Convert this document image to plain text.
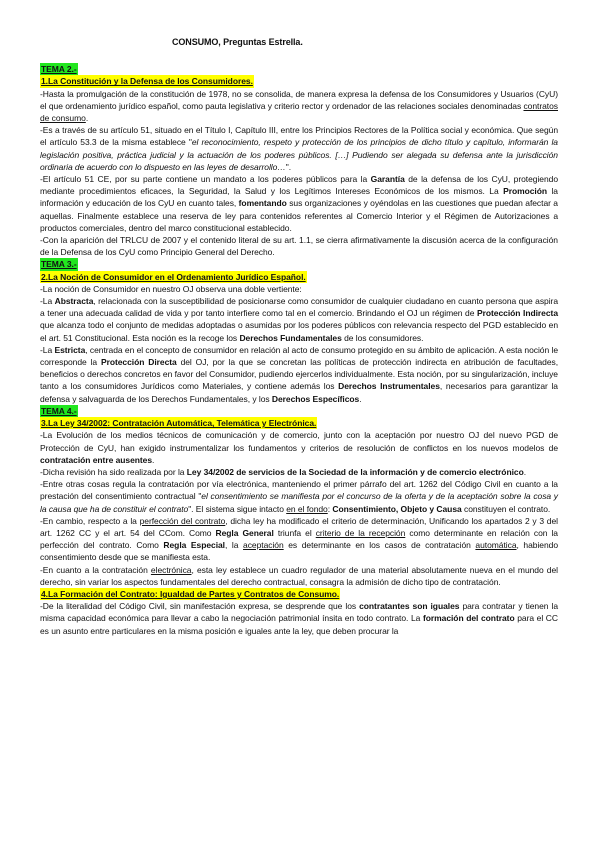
CONSUMO, Preguntas Estrella.
TEMA 2.-
1.La Constitución y la Defensa de los Consumidores.

-Hasta la promulgación de la constitución de 1978, no se consolida, de manera expresa la defensa de los Consumidores y Usuarios (CyU) el que ordenamiento jurídico español, como pauta legislativa y criterio rector y ordenador de las relaciones sociales denominadas contratos de consumo.

-Es a través de su artículo 51, situado en el Título I, Capítulo III, entre los Principios Rectores de la Política social y económica. Que según el artículo 53.3 de la misma establece "el reconocimiento, respeto y protección de los principios de dicho título y capítulo, informarán la legislación positiva, práctica judicial y la actuación de los poderes públicos. […] Pudiendo ser alegada su defensa ante la jurisdicción ordinaria de acuerdo con lo dispuesto en las leyes de desarrollo…".

-El artículo 51 CE, por su parte contiene un mandato a los poderes públicos para la Garantía de la defensa de los CyU, protegiendo mediante procedimientos eficaces, la Seguridad, la Salud y los Legítimos Intereses Económicos de los mismos. La Promoción la información y educación de los CyU en cuanto tales, fomentando sus organizaciones y oyéndolas en las cuestiones que puedan afectar a aquellas. Finalmente establece una reserva de ley para contenidos referentes al Comercio Interior y el Régimen de Autorizaciones a productos comerciales, dentro del marco constitucional establecido.

-Con la aparición del TRLCU de 2007 y el contenido literal de su art. 1.1, se cierra afirmativamente la discusión acerca de la configuración de la Defensa de los CyU como Principio General del Derecho.

TEMA 3.-
2.La Noción de Consumidor en el Ordenamiento Jurídico Español.

-La noción de Consumidor en nuestro OJ observa una doble vertiente:

-La Abstracta, relacionada con la susceptibilidad de posicionarse como consumidor de cualquier ciudadano en cuanto persona que aspira a tener una adecuada calidad de vida y por tanto interfiere como tal en el comercio. Brindando el OJ un régimen de Protección Indirecta que alcanza todo el conjunto de medidas adoptadas o asumidas por los poderes públicos con relevancia respecto del PGD establecido en el art. 51 Constitucional. Esta noción es la recoge los Derechos Fundamentales de los consumidores.

-La Estricta, centrada en el concepto de consumidor en relación al acto de consumo protegido en su ámbito de aplicación. A esta noción le corresponde la Protección Directa del OJ, por la que se concretan las políticas de protección indirecta en atribución de facultades, beneficios o derechos concretos en favor del Consumidor, pudiendo ejercerlos individualmente. Esta noción, por su singularización, incluye tanto a los consumidores Jurídicos como Materiales, y contiene además los Derechos Instrumentales, necesarios para garantizar la defensa y salvaguarda de los Derechos Fundamentales, y los Derechos Específicos.

TEMA 4.-
3.La Ley 34/2002: Contratación Automática, Telemática y Electrónica.

-La Evolución de los medios técnicos de comunicación y de comercio, junto con la aceptación por nuestro OJ del nuevo PGD de Protección de CyU, han exigido instrumentalizar los fundamentos y criterios de resolución de conflictos en los nuevos modelos de contratación entre ausentes.

-Dicha revisión ha sido realizada por la Ley 34/2002 de servicios de la Sociedad de la información y de comercio electrónico.

-Entre otras cosas regula la contratación por vía electrónica, manteniendo el primer párrafo del art. 1262 del Código Civil en cuanto a la prestación del consentimiento contractual "el consentimiento se manifiesta por el concurso de la oferta y de la aceptación sobre la cosa y la causa que ha de constituir el contrato". El sistema sigue intacto en el fondo: Consentimiento, Objeto y Causa constituyen el contrato.

-En cambio, respecto a la perfección del contrato, dicha ley ha modificado el criterio de determinación, Unificando los apartados 2 y 3 del art. 1262 CC y el art. 54 del CCom. Como Regla General triunfa el criterio de la recepción como determinante en relación con la perfección del contrato. Como Regla Especial, la aceptación es determinante en los casos de contratación automática, habiendo consentimiento desde que se manifiesta esta.

-En cuanto a la contratación electrónica, esta ley establece un cuadro regulador de una material absolutamente nueva en el mundo del derecho, sin variar los aspectos fundamentales del derecho contractual, consagra la admisión de dicho tipo de contratación.

4.La Formación del Contrato: Igualdad de Partes y Contratos de Consumo.

-De la literalidad del Código Civil, sin manifestación expresa, se desprende que los contratantes son iguales para contratar y tienen la misma capacidad económica para llevar a cabo la negociación patrimonial ínsita en todo contrato. La formación del contrato para el CC es un asunto entre particulares en la misma posición e iguales ante la ley, que deben procurar la
